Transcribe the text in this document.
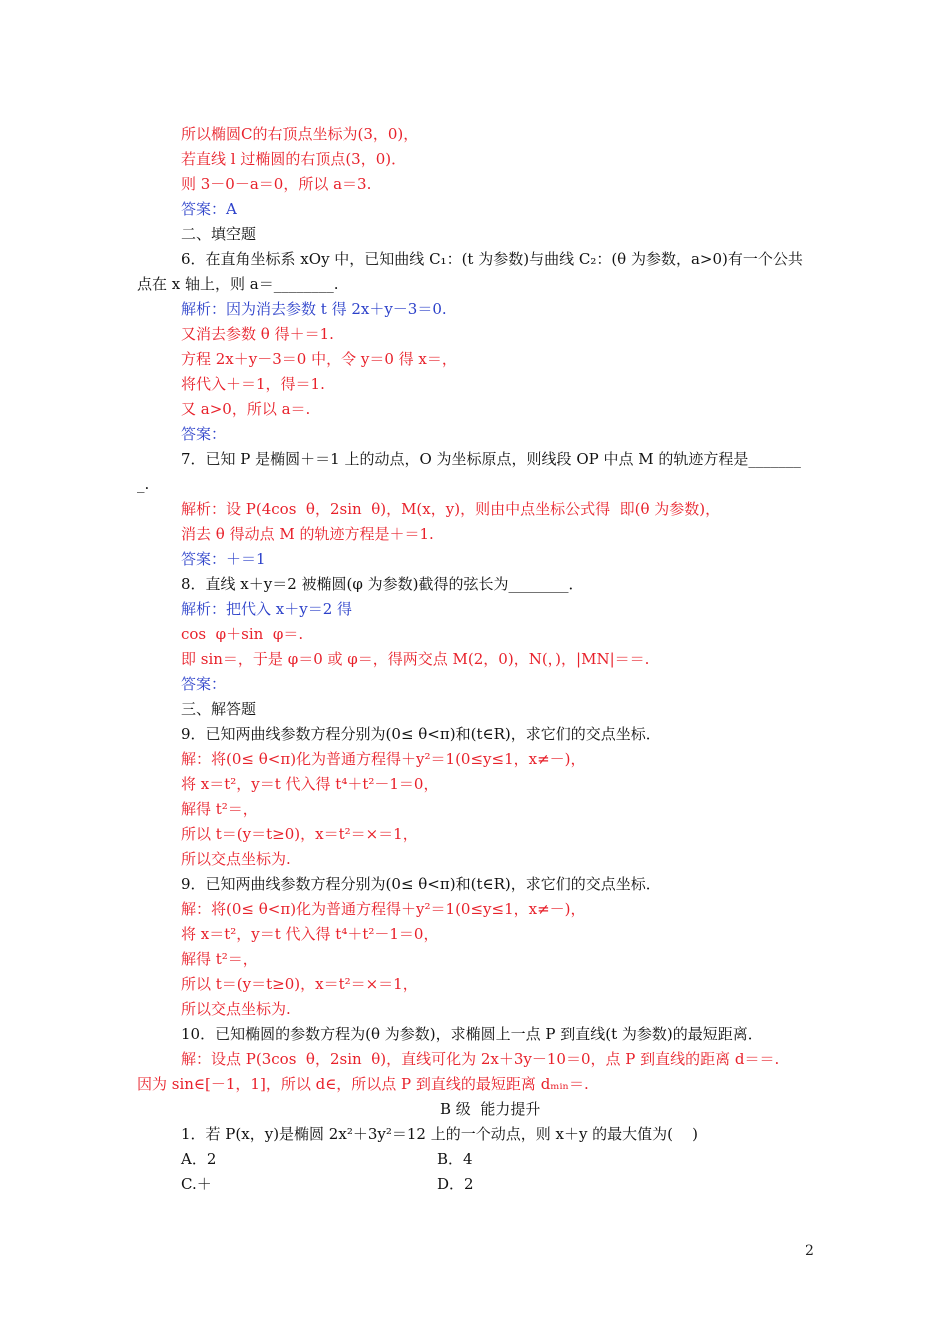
所以椭圆C的右顶点坐标为(3，0)，
若直线 l 过椭圆的右顶点(3，0)．
则 3－0－a＝0，所以 a＝3.
答案：A
二、填空题
6．在直角坐标系 xOy 中，已知曲线 C₁：(t 为参数)与曲线 C₂：(θ 为参数，a>0)有一个公共
点在 x 轴上，则 a＝________.
解析：因为消去参数 t 得 2x＋y－3＝0.
又消去参数 θ 得＋＝1.
方程 2x＋y－3＝0 中，令 y＝0 得 x＝，
将代入＋＝1，得＝1.
又 a>0，所以 a＝.
答案：
7．已知 P 是椭圆＋＝1 上的动点，O 为坐标原点，则线段 OP 中点 M 的轨迹方程是_______
_.
解析：设 P(4cos  θ，2sin  θ)，M(x，y)，则由中点坐标公式得  即(θ 为参数)，
消去 θ 得动点 M 的轨迹方程是＋＝1.
答案：＋＝1
8．直线 x＋y＝2 被椭圆(φ 为参数)截得的弦长为________．
解析：把代入 x＋y＝2 得
cos  φ＋sin  φ＝.
即 sin＝，于是 φ＝0 或 φ＝，得两交点 M(2，0)，N(，)，|MN|＝＝.
答案：
三、解答题
9．已知两曲线参数方程分别为(0≤ θ<π)和(t∈R)，求它们的交点坐标．
解：将(0≤ θ<π)化为普通方程得＋y²＝1(0≤y≤1，x≠－)，
将 x＝t²，y＝t 代入得 t⁴＋t²－1＝0，
解得 t²＝，
所以 t＝(y＝t≥0)，x＝t²＝×＝1，
所以交点坐标为.
9．已知两曲线参数方程分别为(0≤ θ<π)和(t∈R)，求它们的交点坐标．
解：将(0≤ θ<π)化为普通方程得＋y²＝1(0≤y≤1，x≠－)，
将 x＝t²，y＝t 代入得 t⁴＋t²－1＝0，
解得 t²＝，
所以 t＝(y＝t≥0)，x＝t²＝×＝1，
所以交点坐标为.
10．已知椭圆的参数方程为(θ 为参数)，求椭圆上一点 P 到直线(t 为参数)的最短距离．
解：设点 P(3cos  θ，2sin  θ)，直线可化为 2x＋3y－10＝0，点 P 到直线的距离 d＝＝.
因为 sin∈[－1，1]，所以 d∈，所以点 P 到直线的最短距离 dₘᵢₙ＝.
B 级  能力提升
1．若 P(x，y)是椭圆 2x²＋3y²＝12 上的一个动点，则 x＋y 的最大值为(    )
A．2	B．4
C.＋	D．2
2
